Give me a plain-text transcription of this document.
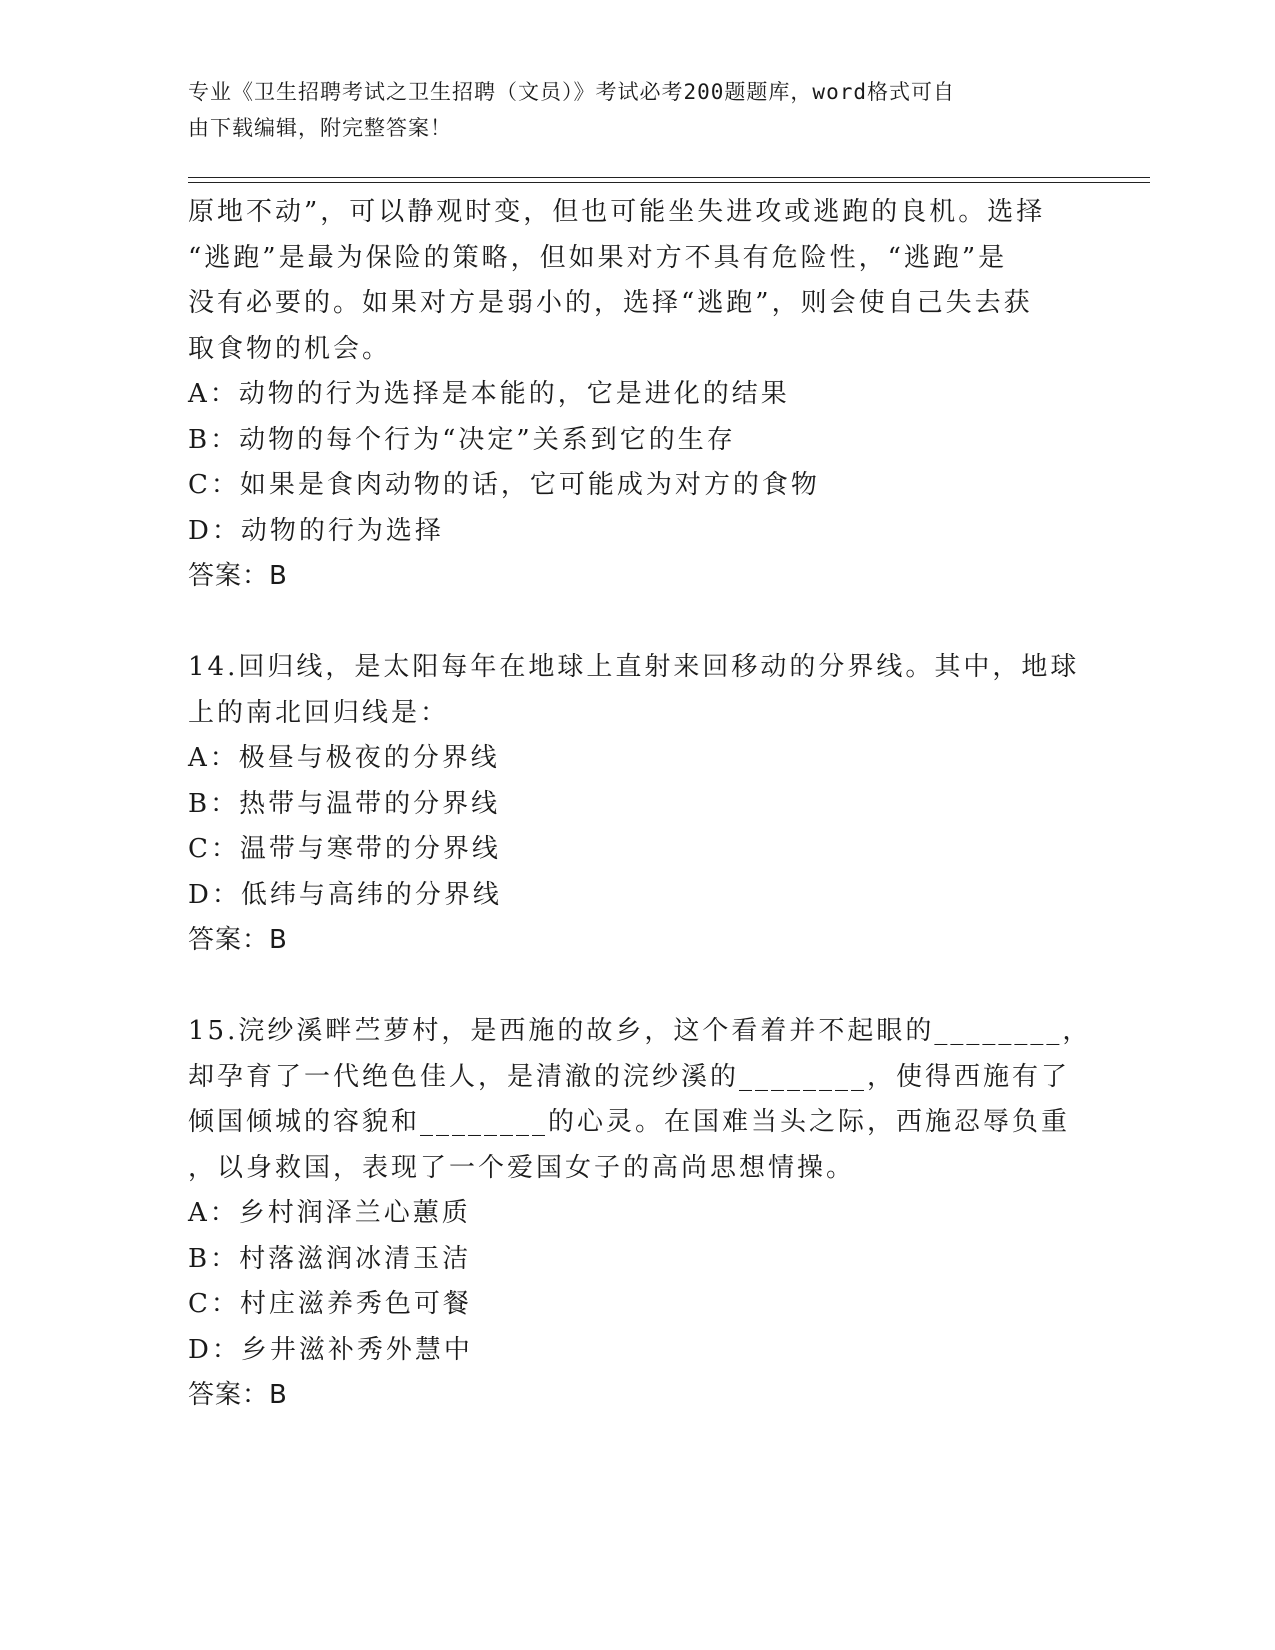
专业《卫生招聘考试之卫生招聘（文员）》考试必考200题题库，word格式可自
由下载编辑，附完整答案！
原地不动”，可以静观时变，但也可能坐失进攻或逃跑的良机。选择
“逃跑”是最为保险的策略，但如果对方不具有危险性，“逃跑”是
没有必要的。如果对方是弱小的，选择“逃跑”，则会使自己失去获
取食物的机会。
A：动物的行为选择是本能的，它是进化的结果
B：动物的每个行为“决定”关系到它的生存
C：如果是食肉动物的话，它可能成为对方的食物
D：动物的行为选择
答案：B
14.回归线，是太阳每年在地球上直射来回移动的分界线。其中，地球
上的南北回归线是：
A：极昼与极夜的分界线
B：热带与温带的分界线
C：温带与寒带的分界线
D：低纬与高纬的分界线
答案：B
15.浣纱溪畔苎萝村，是西施的故乡，这个看着并不起眼的________，
却孕育了一代绝色佳人，是清澈的浣纱溪的________，使得西施有了
倾国倾城的容貌和________的心灵。在国难当头之际，西施忍辱负重
，以身救国，表现了一个爱国女子的高尚思想情操。
A：乡村润泽兰心蕙质
B：村落滋润冰清玉洁
C：村庄滋养秀色可餐
D：乡井滋补秀外慧中
答案：B
